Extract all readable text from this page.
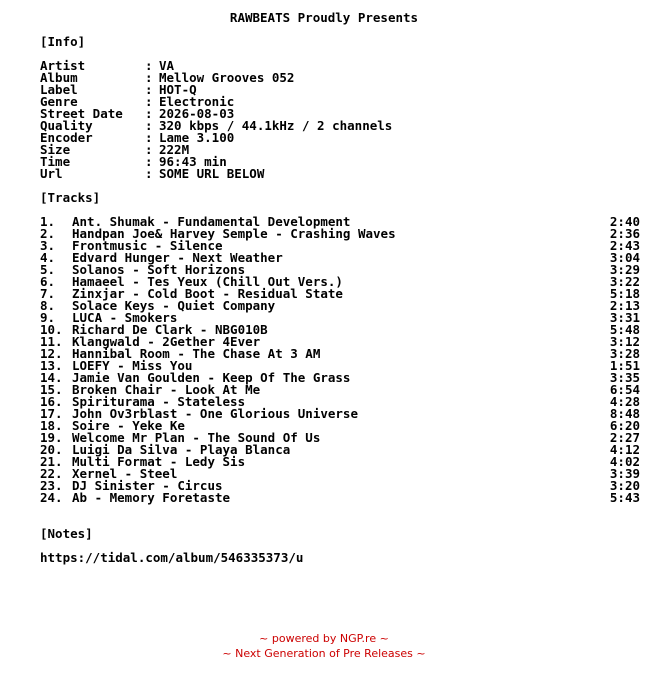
RAWBEATS Proudly Presents
[Info]
Artist	: VA
Album	: Mellow Grooves 052
Label	: HOT-Q
Genre	: Electronic
Street Date	: 2026-08-03
Quality	: 320 kbps / 44.1kHz / 2 channels
Encoder	: Lame 3.100
Size	: 222M
Time	: 96:43 min
Url	: SOME URL BELOW
[Tracks]
1.	Ant. Shumak - Fundamental Development	2:40
2.	Handpan Joe& Harvey Semple - Crashing Waves	2:36
3.	Frontmusic - Silence	2:43
4.	Edvard Hunger - Next Weather	3:04
5.	Solanos - Soft Horizons	3:29
6.	Hamaeel - Tes Yeux (Chill Out Vers.)	3:22
7.	Zinxjar - Cold Boot - Residual State	5:18
8.	Solace Keys - Quiet Company	2:13
9.	LUCA - Smokers	3:31
10. Richard De Clark - NBG010B	5:48
11. Klangwald - 2Gether 4Ever	3:12
12. Hannibal Room - The Chase At 3 AM	3:28
13. LOEFY - Miss You	1:51
14. Jamie Van Goulden - Keep Of The Grass	3:35
15. Broken Chair - Look At Me	6:54
16. Spiriturama - Stateless	4:28
17. John Ov3rblast - One Glorious Universe	8:48
18. Soire - Yeke Ke	6:20
19. Welcome Mr Plan - The Sound Of Us	2:27
20. Luigi Da Silva - Playa Blanca	4:12
21. Multi Format - Ledy Sis	4:02
22. Xernel - Steel	3:39
23. DJ Sinister - Circus	3:20
24. Ab - Memory Foretaste	5:43
[Notes]
https://tidal.com/album/546335373/u
~ powered by NGP.re ~
~ Next Generation of Pre Releases ~
